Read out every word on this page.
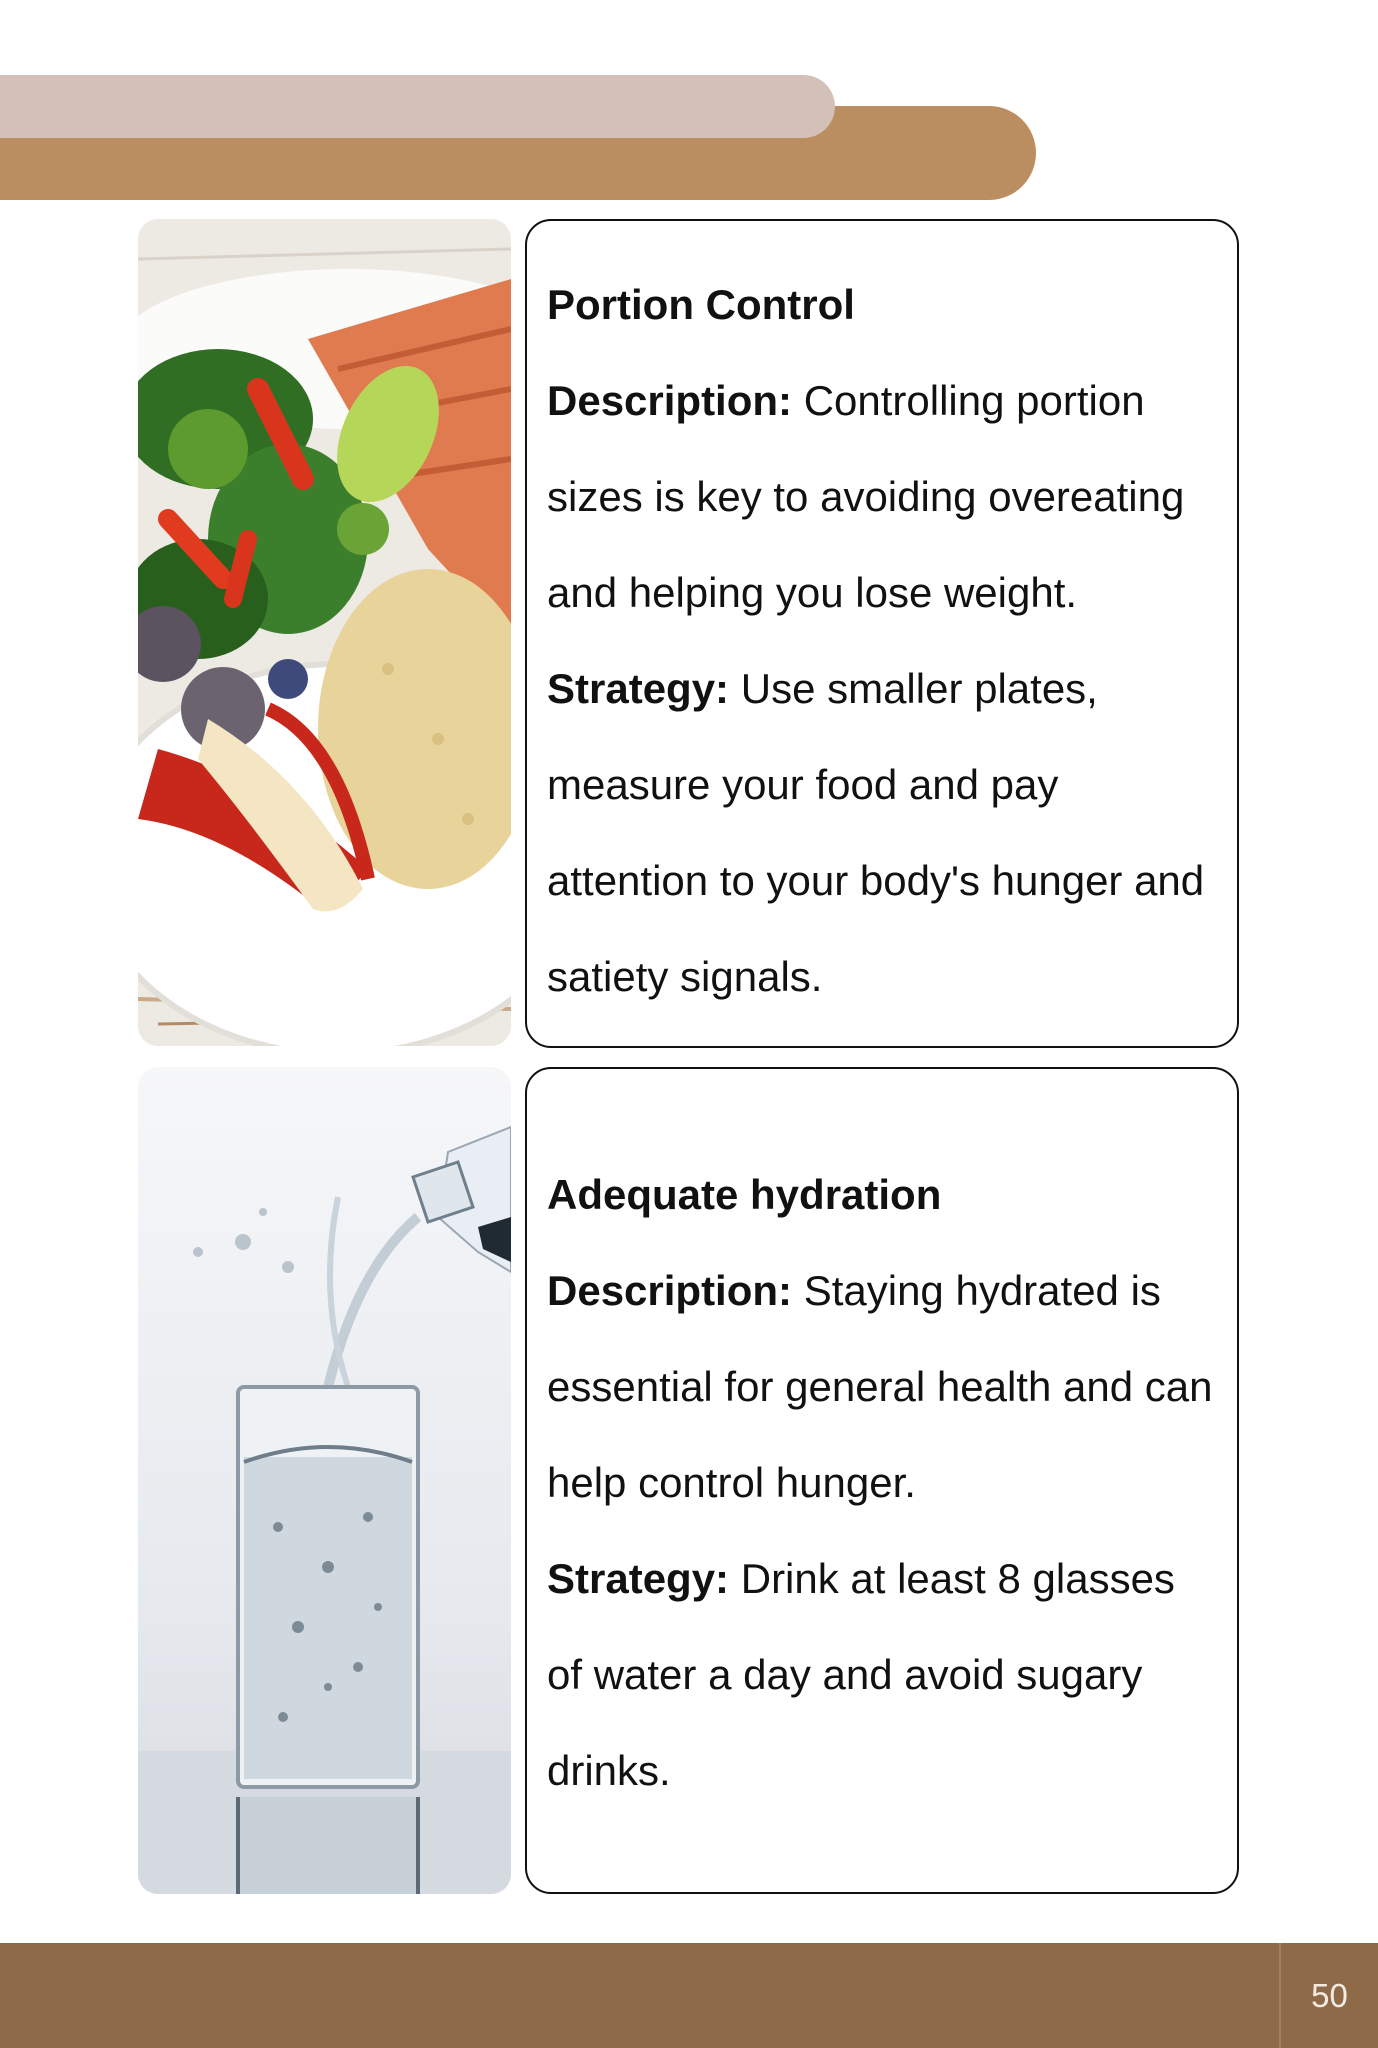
Portion Control

Description: Controlling portion sizes is key to avoiding overeating and helping you lose weight. Strategy: Use smaller plates, measure your food and pay attention to your body's hunger and satiety signals.

Adequate hydration

Description: Staying hydrated is essential for general health and can help control hunger.

Strategy: Drink at least 8 glasses of water a day and avoid sugary drinks.

50
